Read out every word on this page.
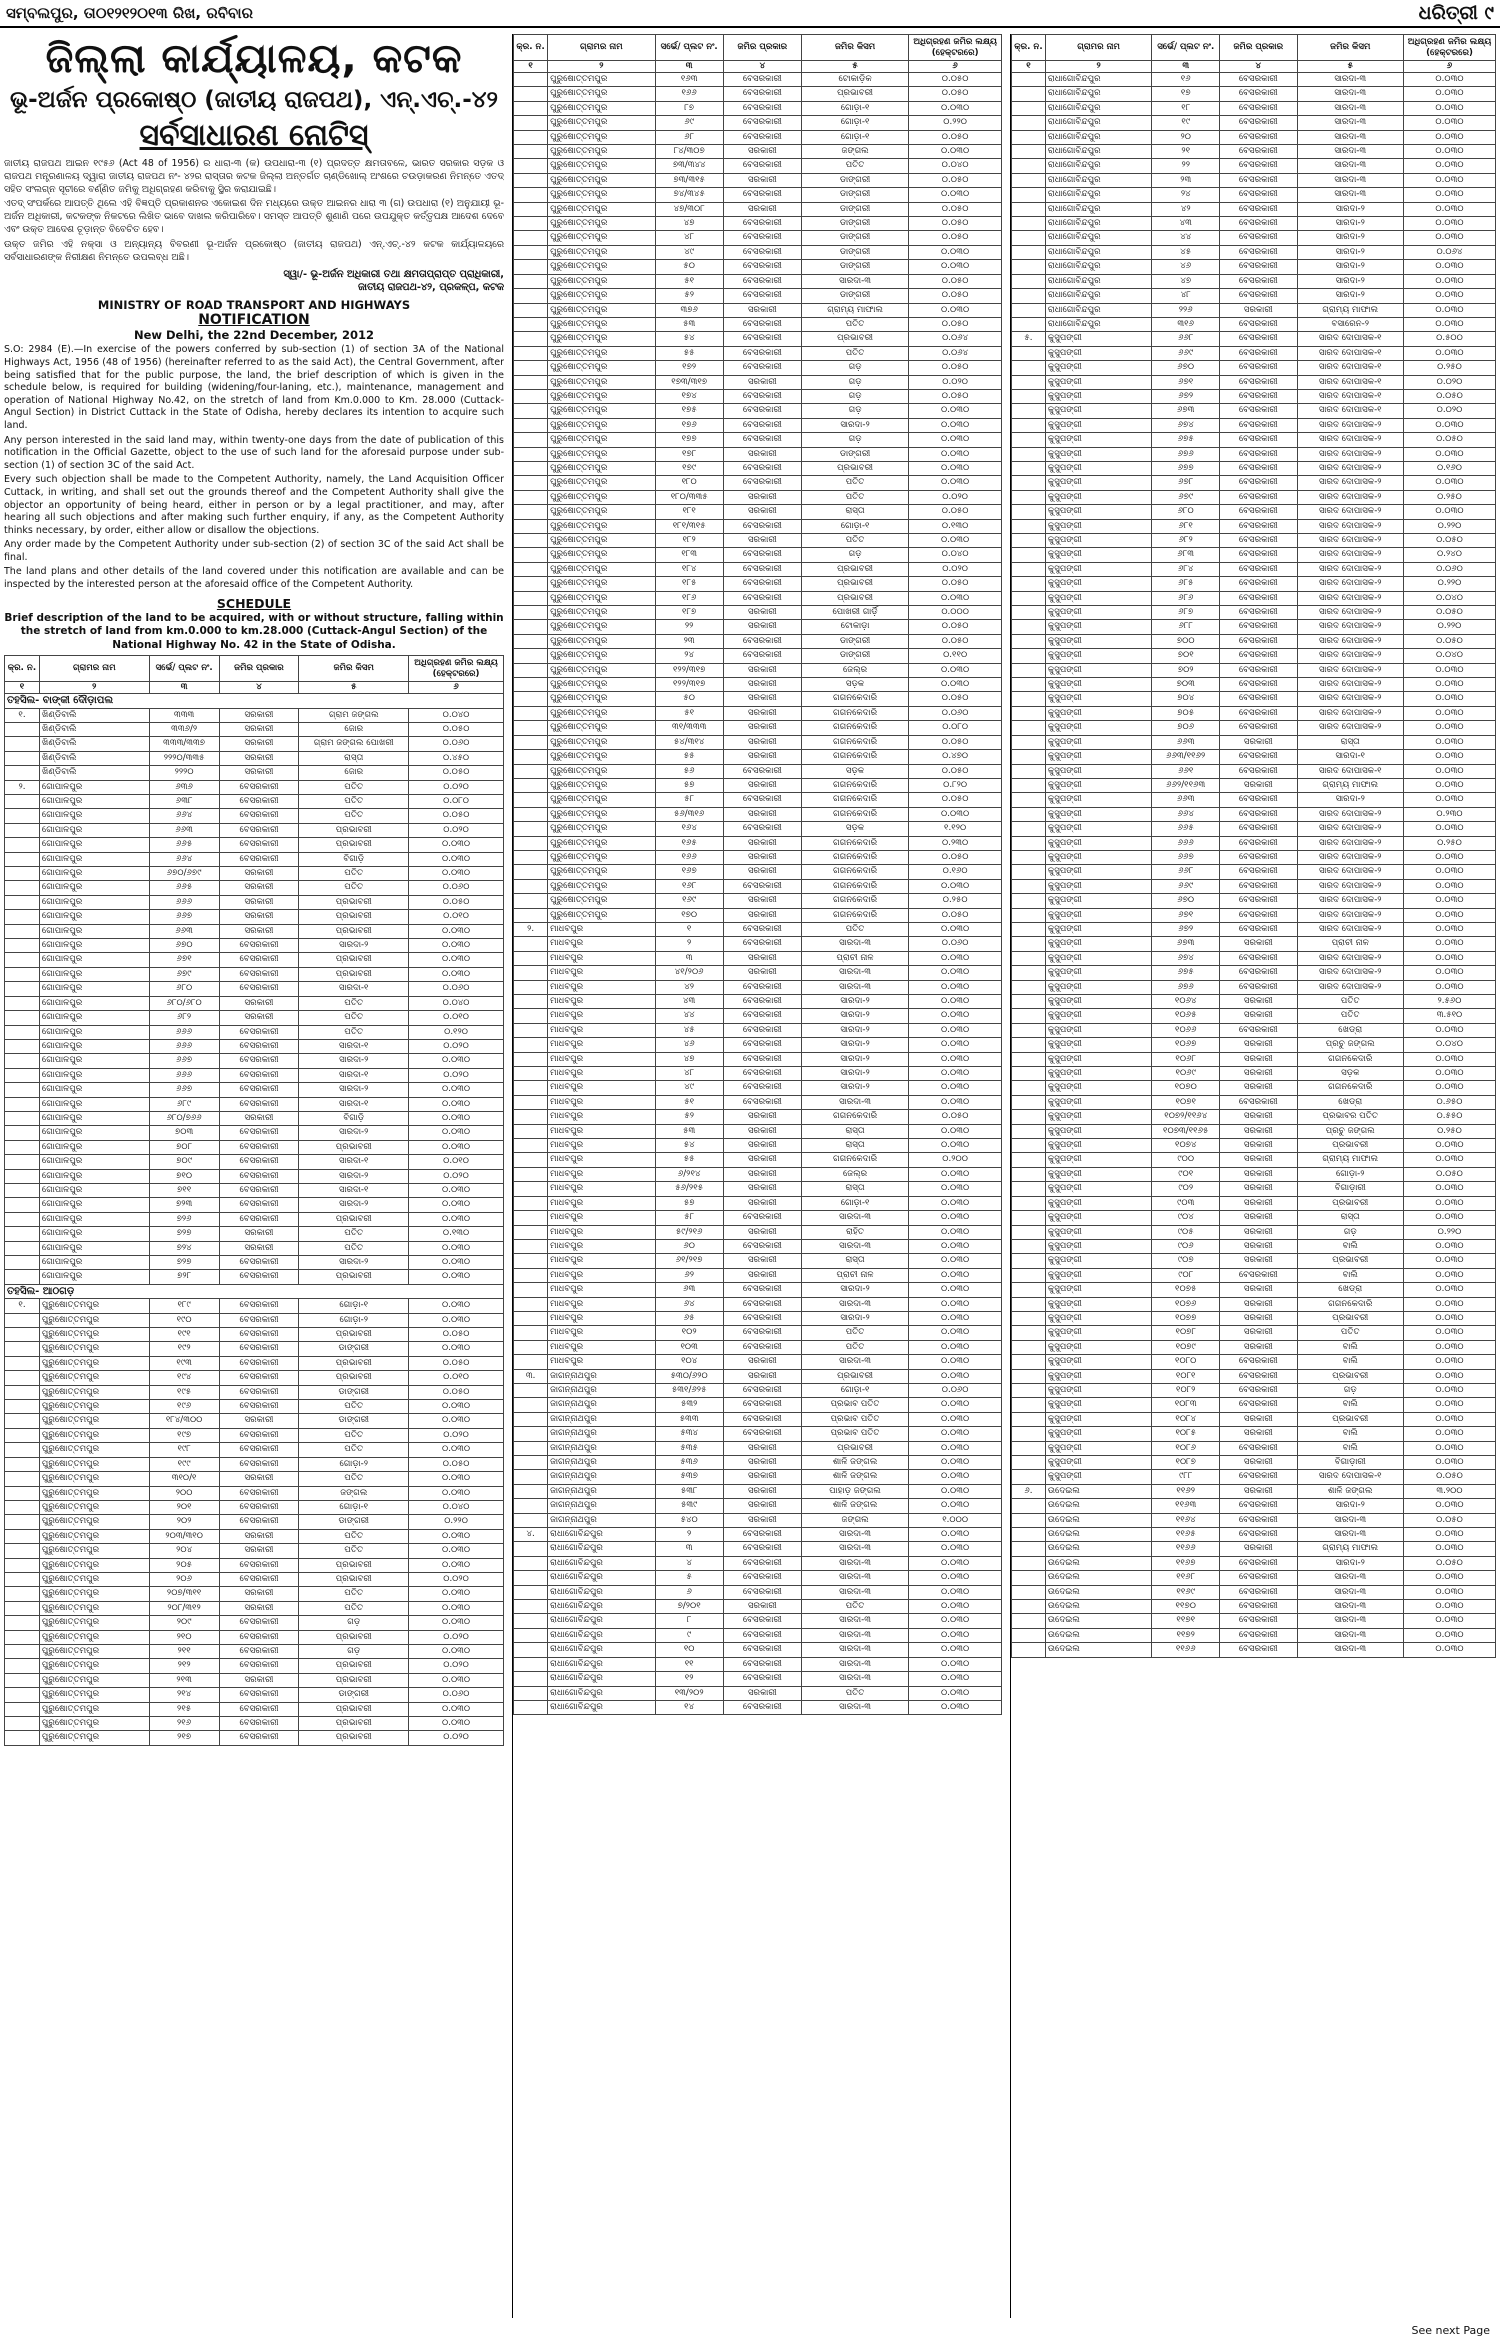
ସମ୍ବଲପୁର, ତା୦୧୨୧୨୦୧୩ ରିଖ, ରବିବାର	ଧରିତ୍ରୀ ୯
ଜିଲ୍ଲା କାର୍ଯ୍ୟାଳୟ, କଟକ
ଭୂ-ଅର୍ଜନ ପ୍ରକୋଷ୍ଠ (ଜାତୀୟ ରାଜପଥ), ଏନ୍.ଏଚ୍.-୪୨
ସର୍ବସାଧାରଣ ନୋଟିସ୍

ଜାତୀୟ ରାଜପଥ ଆଇନ ୧୯୫୬ (Act 48 of 1956) ର ଧାରା-୩ (କ) ଉପଧାରା-୩ (୧) ପ୍ରଦତ୍ତ କ୍ଷମତାବଳେ, ଭାରତ ସରକାର ସଡ଼କ ଓ ରାଜପଥ ମନ୍ତ୍ରଣାଳୟ ଦ୍ୱାରା ଜାତୀୟ ରାଜପଥ ନଂ- ୪୨ର ରାସ୍ତାର କଟକ ଜିଲ୍ଲା ଅନ୍ତର୍ଗତ ଚାଣ୍ଡିଖୋଲ୍ ଅଂଶରେ ଚଉଡ଼ାକରଣ ନିମନ୍ତେ ଏତଦ୍ ସହିତ ସଂଲଗ୍ନ ସୂଚୀରେ ବର୍ଣ୍ଣିତ ଜମିକୁ ଅଧିଗ୍ରହଣ କରିବାକୁ ସ୍ଥିର କରାଯାଇଛି।

ଏତଦ୍ ସଂପର୍କରେ ଆପତ୍ତି ଥିଲେ ଏହି ବିଜ୍ଞପ୍ତି ପ୍ରକାଶନର ଏକୋଇଶ ଦିନ ମଧ୍ୟରେ ଉକ୍ତ ଆଇନର ଧାରା ୩ (ଗ) ଉପଧାରା (୧) ଅନୁଯାୟୀ ଭୂ-ଅର୍ଜନ ଅଧିକାରୀ, କଟକଙ୍କ ନିକଟରେ ଲିଖିତ ଭାବେ ଦାଖଲ କରିପାରିବେ। ସମସ୍ତ ଆପତ୍ତି ଶୁଣାଣି ପରେ ଉପଯୁକ୍ତ କର୍ତ୍ତୃପକ୍ଷ ଆଦେଶ ଦେବେ ଏବଂ ଉକ୍ତ ଆଦେଶ ଚୂଡ଼ାନ୍ତ ବିବେଚିତ ହେବ।

ଉକ୍ତ ଜମିର ଏହି ନକ୍ସା ଓ ଅନ୍ୟାନ୍ୟ ବିବରଣୀ ଭୂ-ଅର୍ଜନ ପ୍ରକୋଷ୍ଠ (ଜାତୀୟ ରାଜପଥ) ଏନ୍.ଏଚ୍.-୪୨ କଟକ କାର୍ଯ୍ୟାଳୟରେ ସର୍ବସାଧାରଣଙ୍କ ନିରୀକ୍ଷଣ ନିମନ୍ତେ ଉପଲବ୍ଧ ଅଛି।

ସ୍ୱା/- ଭୂ-ଅର୍ଜନ ଅଧିକାରୀ ତଥା କ୍ଷମତାପ୍ରାପ୍ତ ପ୍ରାଧିକାରୀ,
ଜାତୀୟ ରାଜପଥ-୪୨, ପ୍ରକଳ୍ପ, କଟକ
MINISTRY OF ROAD TRANSPORT AND HIGHWAYS
NOTIFICATION
New Delhi, the 22nd December, 2012

S.O: 2984 (E).—In exercise of the powers conferred by sub-section (1) of section 3A of the National Highways Act, 1956 (48 of 1956) (hereinafter referred to as the said Act), the Central Government, after being satisfied that for the public purpose, the land, the brief description of which is given in the schedule below, is required for building (widening/four-laning, etc.), maintenance, management and operation of National Highway No.42, on the stretch of land from Km.0.000 to Km. 28.000 (Cuttack-Angul Section) in District Cuttack in the State of Odisha, hereby declares its intention to acquire such land.

Any person interested in the said land may, within twenty-one days from the date of publication of this notification in the Official Gazette, object to the use of such land for the aforesaid purpose under sub-section (1) of section 3C of the said Act.

Every such objection shall be made to the Competent Authority, namely, the Land Acquisition Officer Cuttack, in writing, and shall set out the grounds thereof and the Competent Authority shall give the objector an opportunity of being heard, either in person or by a legal practitioner, and may, after hearing all such objections and after making such further enquiry, if any, as the Competent Authority thinks necessary, by order, either allow or disallow the objections.

Any order made by the Competent Authority under sub-section (2) of section 3C of the said Act shall be final.

The land plans and other details of the land covered under this notification are available and can be inspected by the interested person at the aforesaid office of the Competent Authority.

SCHEDULE
Brief description of the land to be acquired, with or without structure, falling within the stretch of land from km.0.000 to km.28.000 (Cuttack-Angul Section) of the National Highway No. 42 in the State of Odisha.
କ୍ର. ନ.	ଗ୍ରାମର ନାମ	ସର୍ଭେ/ ପ୍ଲଟ ନଂ.	ଜମିର ପ୍ରକାର	ଜମିର କିସମ	ଅଧିଗ୍ରହଣ ଜମିର ଲକ୍ଷ୍ୟ (ହେକ୍ଟରରେ)
୧	୨	୩	୪	୫	୬
ତହସିଲ- ବାଙ୍କୀ ଦୌଡ଼ାପଲ					
୧.	ଖିଣ୍ଡିବାଲି	୩୩୩	ସରକାରୀ	ଗ୍ରାମ ଜଙ୍ଗଲ	୦.୦୪୦
	ଖିଣ୍ଡିବାଲି	୩୩୬/୨	ସରକାରୀ	ଜୋର	୦.୦୫୦
	ଖିଣ୍ଡିବାଲି	୩୩୩/୩୩୭	ସରକାରୀ	ଗ୍ରାମ ଜଙ୍ଗଲ ପୋଖରୀ	୦.୦୬୦
	ଖିଣ୍ଡିବାଲି	୨୨୨୦/୩୩୫	ସରକାରୀ	ରାସ୍ତା	୦.୪୫୦
	ଖିଣ୍ଡିବାଲି	୨୨୨୦	ସରକାରୀ	ଜୋର	୦.୦୫୦
୨.	ଗୋପାଳପୁର	୬୩୬	ବେସରକାରୀ	ପତିତ	୦.୦୨୦
	ଗୋପାଳପୁର	୬୩୮	ବେସରକାରୀ	ପତିତ	୦.୦୮୦
	ଗୋପାଳପୁର	୬୬୪	ବେସରକାରୀ	ପତିତ	୦.୦୫୦
	ଗୋପାଳପୁର	୬୬୩	ବେସରକାରୀ	ପ୍ରଭାବରୀ	୦.୦୨୦
	ଗୋପାଳପୁର	୬୬୫	ବେସରକାରୀ	ପ୍ରଭାବରୀ	୦.୦୩୦
	ଗୋପାଳପୁର	୬୬୪	ବେସରକାରୀ	ବିଗାଡ଼ି	୦.୦୩୦
	ଗୋପାଳପୁର	୬୭୦/୬୭୯	ସରକାରୀ	ପତିତ	୦.୦୩୦
	ଗୋପାଳପୁର	୬୬୫	ସରକାରୀ	ପତିତ	୦.୦୬୦
	ଗୋପାଳପୁର	୬୬୬	ସରକାରୀ	ପ୍ରଭାବରୀ	୦.୦୫୦
	ଗୋପାଳପୁର	୬୬୭	ସରକାରୀ	ପ୍ରଭାବରୀ	୦.୦୧୦
	ଗୋପାଳପୁର	୬୬୩	ସରକାରୀ	ପ୍ରଭାବରୀ	୦.୦୩୦
	ଗୋପାଳପୁର	୬୭୦	ବେସରକାରୀ	ସାରଦା-୨	୦.୦୩୦
	ଗୋପାଳପୁର	୬୭୧	ବେସରକାରୀ	ପ୍ରଭାବରୀ	୦.୦୩୦
	ଗୋପାଳପୁର	୬୭୯	ବେସରକାରୀ	ପ୍ରଭାବରୀ	୦.୦୩୦
	ଗୋପାଳପୁର	୬୮୦	ବେସରକାରୀ	ସାରଦା-୧	୦.୦୬୦
	ଗୋପାଳପୁର	୬୮୦/୬୮୦	ସରକାରୀ	ପତିତ	୦.୦୪୦
	ଗୋପାଳପୁର	୬୮୨	ସରକାରୀ	ପତିତ	୦.୦୧୦
	ଗୋପାଳପୁର	୬୬୬	ବେସରକାରୀ	ପତିତ	୦.୧୨୦
	ଗୋପାଳପୁର	୬୬୬	ବେସରକାରୀ	ସାରଦା-୧	୦.୦୨୦
	ଗୋପାଳପୁର	୬୬୭	ବେସରକାରୀ	ସାରଦା-୨	୦.୦୩୦
	ଗୋପାଳପୁର	୬୬୬	ବେସରକାରୀ	ସାରଦା-୧	୦.୦୨୦
	ଗୋପାଳପୁର	୬୬୭	ବେସରକାରୀ	ସାରଦା-୨	୦.୦୩୦
	ଗୋପାଳପୁର	୬୮୯	ବେସରକାରୀ	ସାରଦା-୧	୦.୦୩୦
	ଗୋପାଳପୁର	୬୮୦/୭୬୬	ସରକାରୀ	ବିଗାଡ଼ି	୦.୦୩୦
	ଗୋପାଳପୁର	୭୦୩	ବେସରକାରୀ	ସାରଦା-୨	୦.୦୩୦
	ଗୋପାଳପୁର	୭୦୮	ବେସରକାରୀ	ପ୍ରଭାବରୀ	୦.୦୩୦
	ଗୋପାଳପୁର	୭୦୯	ବେସରକାରୀ	ସାରଦା-୧	୦.୦୧୦
	ଗୋପାଳପୁର	୭୧୦	ବେସରକାରୀ	ସାରଦା-୨	୦.୦୨୦
	ଗୋପାଳପୁର	୭୧୧	ବେସରକାରୀ	ସାରଦା-୧	୦.୦୩୦
	ଗୋପାଳପୁର	୭୨୩	ବେସରକାରୀ	ସାରଦା-୨	୦.୦୩୦
	ଗୋପାଳପୁର	୭୨୬	ବେସରକାରୀ	ପ୍ରଭାବରୀ	୦.୦୩୦
	ଗୋପାଳପୁର	୭୨୭	ସରକାରୀ	ପତିତ	୦.୧୩୦
	ଗୋପାଳପୁର	୭୨୪	ସରକାରୀ	ପତିତ	୦.୦୩୦
	ଗୋପାଳପୁର	୭୨୭	ବେସରକାରୀ	ସାରଦା-୨	୦.୦୩୦
	ଗୋପାଳପୁର	୭୨୮	ବେସରକାରୀ	ପ୍ରଭାବରୀ	୦.୦୩୦
ତହସିଲ- ଆଠଗଡ଼					
୧.	ପୁରୁଷୋତ୍ତମପୁର	୧୮୯	ବେସରକାରୀ	ଗୋଡ଼ା-୧	୦.୦୩୦
	ପୁରୁଷୋତ୍ତମପୁର	୧୯୦	ବେସରକାରୀ	ଗୋଡ଼ା-୨	୦.୦୩୦
	ପୁରୁଷୋତ୍ତମପୁର	୧୯୧	ବେସରକାରୀ	ପ୍ରଭାବରୀ	୦.୦୫୦
	ପୁରୁଷୋତ୍ତମପୁର	୧୯୨	ବେସରକାରୀ	ଡାଙ୍ଗରୀ	୦.୦୩୦
	ପୁରୁଷୋତ୍ତମପୁର	୧୯୩	ବେସରକାରୀ	ପ୍ରଭାବରୀ	୦.୦୫୦
	ପୁରୁଷୋତ୍ତମପୁର	୧୯୪	ବେସରକାରୀ	ପ୍ରଭାବରୀ	୦.୦୧୦
	ପୁରୁଷୋତ୍ତମପୁର	୧୯୫	ବେସରକାରୀ	ଡାଙ୍ଗରୀ	୦.୦୫୦
	ପୁରୁଷୋତ୍ତମପୁର	୧୯୬	ବେସରକାରୀ	ପତିତ	୦.୦୩୦
	ପୁରୁଷୋତ୍ତମପୁର	୧୮୪/୩୦୦	ସରକାରୀ	ଡାଙ୍ଗରୀ	୦.୦୩୦
	ପୁରୁଷୋତ୍ତମପୁର	୧୯୭	ବେସରକାରୀ	ପତିତ	୦.୦୨୦
	ପୁରୁଷୋତ୍ତମପୁର	୧୯୮	ବେସରକାରୀ	ପତିତ	୦.୦୩୦
	ପୁରୁଷୋତ୍ତମପୁର	୧୯୯	ବେସରକାରୀ	ଗୋଡ଼ା-୨	୦.୦୫୦
	ପୁରୁଷୋତ୍ତମପୁର	୩୧୦/୧	ସରକାରୀ	ପତିତ	୦.୦୩୦
	ପୁରୁଷୋତ୍ତମପୁର	୨୦୦	ବେସରକାରୀ	ଜଙ୍ଗଲ	୦.୦୩୦
	ପୁରୁଷୋତ୍ତମପୁର	୨୦୧	ବେସରକାରୀ	ଗୋଡ଼ା-୧	୦.୦୪୦
	ପୁରୁଷୋତ୍ତମପୁର	୨୦୨	ବେସରକାରୀ	ଡାଙ୍ଗରୀ	୦.୨୨୦
	ପୁରୁଷୋତ୍ତମପୁର	୨୦୩/୩୧୦	ସରକାରୀ	ପତିତ	୦.୦୩୦
	ପୁରୁଷୋତ୍ତମପୁର	୨୦୪	ସରକାରୀ	ପତିତ	୦.୦୩୦
	ପୁରୁଷୋତ୍ତମପୁର	୨୦୫	ବେସରକାରୀ	ପ୍ରଭାବରୀ	୦.୦୩୦
	ପୁରୁଷୋତ୍ତମପୁର	୨୦୬	ବେସରକାରୀ	ପ୍ରଭାବରୀ	୦.୦୨୦
	ପୁରୁଷୋତ୍ତମପୁର	୨୦୭/୩୧୧	ସରକାରୀ	ପତିତ	୦.୦୩୦
	ପୁରୁଷୋତ୍ତମପୁର	୨୦୮/୩୧୨	ସରକାରୀ	ପତିତ	୦.୦୩୦
	ପୁରୁଷୋତ୍ତମପୁର	୨୦୯	ବେସରକାରୀ	ଗଡ଼	୦.୦୩୦
	ପୁରୁଷୋତ୍ତମପୁର	୨୧୦	ବେସରକାରୀ	ପ୍ରଭାବରୀ	୦.୦୨୦
	ପୁରୁଷୋତ୍ତମପୁର	୨୧୧	ବେସରକାରୀ	ଗଡ଼	୦.୦୩୦
	ପୁରୁଷୋତ୍ତମପୁର	୨୧୨	ବେସରକାରୀ	ପ୍ରଭାବରୀ	୦.୦୨୦
	ପୁରୁଷୋତ୍ତମପୁର	୨୧୩	ସରକାରୀ	ପ୍ରଭାବରୀ	୦.୦୩୦
	ପୁରୁଷୋତ୍ତମପୁର	୨୧୪	ବେସରକାରୀ	ଡାଙ୍ଗରୀ	୦.୦୬୦
	ପୁରୁଷୋତ୍ତମପୁର	୨୧୫	ବେସରକାରୀ	ପ୍ରଭାବରୀ	୦.୦୩୦
	ପୁରୁଷୋତ୍ତମପୁର	୨୧୬	ବେସରକାରୀ	ପ୍ରଭାବରୀ	୦.୦୩୦
	ପୁରୁଷୋତ୍ତମପୁର	୨୧୭	ବେସରକାରୀ	ପ୍ରଭାବରୀ	୦.୦୨୦
କ୍ର. ନ.	ଗ୍ରାମର ନାମ	ସର୍ଭେ/ ପ୍ଲଟ ନଂ.	ଜମିର ପ୍ରକାର	ଜମିର କିସମ	ଅଧିଗ୍ରହଣ ଜମିର ଲକ୍ଷ୍ୟ (ହେକ୍ଟରରେ)
୧	୨	୩	୪	୫	୬
	ପୁରୁଷୋତ୍ତମପୁର	୧୬୩	ବେସରକାରୀ	ଟୋକାଡ଼ିକ	୦.୦୫୦
	ପୁରୁଷୋତ୍ତମପୁର	୧୬୬	ବେସରକାରୀ	ପ୍ରଭାବରୀ	୦.୦୫୦
	ପୁରୁଷୋତ୍ତମପୁର	୮୭	ବେସରକାରୀ	ଗୋଡ଼ା-୧	୦.୦୩୦
	ପୁରୁଷୋତ୍ତମପୁର	୬୯	ବେସରକାରୀ	ଗୋଡ଼ା-୧	୦.୨୨୦
	ପୁରୁଷୋତ୍ତମପୁର	୬୮	ବେସରକାରୀ	ଗୋଡ଼ା-୧	୦.୦୫୦
	ପୁରୁଷୋତ୍ତମପୁର	୮୪/୩୦୭	ସରକାରୀ	ଜଙ୍ଗଲ	୦.୦୩୦
	ପୁରୁଷୋତ୍ତମପୁର	୭୩/୩୪୪	ବେସରକାରୀ	ପତିତ	୦.୦୪୦
	ପୁରୁଷୋତ୍ତମପୁର	୭୩/୩୧୫	ସରକାରୀ	ଡାଙ୍ଗରୀ	୦.୦୫୦
	ପୁରୁଷୋତ୍ତମପୁର	୭୪/୩୪୫	ବେସରକାରୀ	ଡାଙ୍ଗରୀ	୦.୦୩୦
	ପୁରୁଷୋତ୍ତମପୁର	୪୭/୩୦୮	ସରକାରୀ	ଡାଙ୍ଗରୀ	୦.୦୫୦
	ପୁରୁଷୋତ୍ତମପୁର	୪୭	ବେସରକାରୀ	ଡାଙ୍ଗରୀ	୦.୦୫୦
	ପୁରୁଷୋତ୍ତମପୁର	୪୮	ବେସରକାରୀ	ଡାଙ୍ଗରୀ	୦.୦୫୦
	ପୁରୁଷୋତ୍ତମପୁର	୪୯	ବେସରକାରୀ	ଡାଙ୍ଗରୀ	୦.୦୩୦
	ପୁରୁଷୋତ୍ତମପୁର	୫୦	ବେସରକାରୀ	ଡାଙ୍ଗରୀ	୦.୦୩୦
	ପୁରୁଷୋତ୍ତମପୁର	୫୧	ବେସରକାରୀ	ସାରଦା-୩	୦.୦୫୦
	ପୁରୁଷୋତ୍ତମପୁର	୫୨	ବେସରକାରୀ	ଡାଙ୍ଗରୀ	୦.୦୫୦
	ପୁରୁଷୋତ୍ତମପୁର	୩୭୬	ସରକାରୀ	ଗ୍ରାମ୍ୟ ମାଫାଲ	୦.୦୩୦
	ପୁରୁଷୋତ୍ତମପୁର	୫୩	ବେସରକାରୀ	ପତିତ	୦.୦୫୦
	ପୁରୁଷୋତ୍ତମପୁର	୫୪	ବେସରକାରୀ	ପ୍ରଭାବରୀ	୦.୦୬୪
	ପୁରୁଷୋତ୍ତମପୁର	୫୫	ବେସରକାରୀ	ପତିତ	୦.୦୬୪
	ପୁରୁଷୋତ୍ତମପୁର	୧୭୨	ବେସରକାରୀ	ଗଡ଼	୦.୦୫୦
	ପୁରୁଷୋତ୍ତମପୁର	୧୭୩/୩୧୭	ସରକାରୀ	ଗଡ଼	୦.୦୨୦
	ପୁରୁଷୋତ୍ତମପୁର	୧୭୪	ବେସରକାରୀ	ଗଡ଼	୦.୦୫୦
	ପୁରୁଷୋତ୍ତମପୁର	୧୭୫	ବେସରକାରୀ	ଗଡ଼	୦.୦୩୦
	ପୁରୁଷୋତ୍ତମପୁର	୧୭୬	ବେସରକାରୀ	ସାରଦା-୨	୦.୦୩୦
	ପୁରୁଷୋତ୍ତମପୁର	୧୭୭	ବେସରକାରୀ	ଗଡ଼	୦.୦୩୦
	ପୁରୁଷୋତ୍ତମପୁର	୧୭୮	ସରକାରୀ	ଡାଙ୍ଗରୀ	୦.୦୩୦
	ପୁରୁଷୋତ୍ତମପୁର	୧୭୯	ବେସରକାରୀ	ପ୍ରଭାବରୀ	୦.୦୩୦
	ପୁରୁଷୋତ୍ତମପୁର	୧୮୦	ବେସରକାରୀ	ପତିତ	୦.୦୩୦
	ପୁରୁଷୋତ୍ତମପୁର	୧୮୦/୩୩୫	ସରକାରୀ	ପତିତ	୦.୦୨୦
	ପୁରୁଷୋତ୍ତମପୁର	୧୮୧	ସରକାରୀ	ରାସ୍ତା	୦.୦୫୦
	ପୁରୁଷୋତ୍ତମପୁର	୧୮୧/୩୧୫	ବେସରକାରୀ	ଗୋଡ଼ା-୧	୦.୧୩୦
	ପୁରୁଷୋତ୍ତମପୁର	୧୮୨	ସରକାରୀ	ପତିତ	୦.୦୩୦
	ପୁରୁଷୋତ୍ତମପୁର	୧୮୩	ବେସରକାରୀ	ଗଡ଼	୦.୦୪୦
	ପୁରୁଷୋତ୍ତମପୁର	୧୮୪	ବେସରକାରୀ	ପ୍ରଭାବରୀ	୦.୦୨୦
	ପୁରୁଷୋତ୍ତମପୁର	୧୮୫	ବେସରକାରୀ	ପ୍ରଭାବରୀ	୦.୦୫୦
	ପୁରୁଷୋତ୍ତମପୁର	୧୮୬	ବେସରକାରୀ	ପ୍ରଭାବରୀ	୦.୦୩୦
	ପୁରୁଷୋତ୍ତମପୁର	୧୮୭	ସରକାରୀ	ପୋଖରୀ ଗାର୍ଡ଼ି	୦.୦୦୦
	ପୁରୁଷୋତ୍ତମପୁର	୨୨	ସରକାରୀ	ଟୋକାଡ଼ା	୦.୦୫୦
	ପୁରୁଷୋତ୍ତମପୁର	୨୩	ବେସରକାରୀ	ଡାଙ୍ଗରୀ	୦.୦୫୦
	ପୁରୁଷୋତ୍ତମପୁର	୨୪	ବେସରକାରୀ	ଡାଙ୍ଗରୀ	୦.୧୧୦
	ପୁରୁଷୋତ୍ତମପୁର	୧୨୨/୩୧୭	ସରକାରୀ	ଜେଲ୍ର	୦.୦୩୦
	ପୁରୁଷୋତ୍ତମପୁର	୧୨୨/୩୧୭	ସରକାରୀ	ସଡ଼କ	୦.୦୩୦
	ପୁରୁଷୋତ୍ତମପୁର	୫୦	ସରକାରୀ	ଗଗନକେଦାରି	୦.୦୫୦
	ପୁରୁଷୋତ୍ତମପୁର	୫୧	ସରକାରୀ	ଗଗନକେଦାରି	୦.୦୬୦
	ପୁରୁଷୋତ୍ତମପୁର	୩୧/୩୩୩	ସରକାରୀ	ଗଗନକେଦାରି	୦.୦୮୦
	ପୁରୁଷୋତ୍ତମପୁର	୫୪/୩୧୪	ସରକାରୀ	ଗଗନକେଦାରି	୦.୦୫୦
	ପୁରୁଷୋତ୍ତମପୁର	୫୫	ସରକାରୀ	ଗଗନକେଦାରି	୦.୪୭୦
	ପୁରୁଷୋତ୍ତମପୁର	୫୬	ବେସରକାରୀ	ସଡ଼କ	୦.୦୫୦
	ପୁରୁଷୋତ୍ତମପୁର	୫୭	ସରକାରୀ	ଗଗନକେଦାରି	୦.୮୨୦
	ପୁରୁଷୋତ୍ତମପୁର	୫୮	ବେସରକାରୀ	ଗଗନକେଦାରି	୦.୦୫୦
	ପୁରୁଷୋତ୍ତମପୁର	୫୬/୩୧୬	ସରକାରୀ	ଗଗନକେଦାରି	୦.୦୩୦
	ପୁରୁଷୋତ୍ତମପୁର	୧୬୪	ବେସରକାରୀ	ସଡ଼କ	୧.୧୨୦
	ପୁରୁଷୋତ୍ତମପୁର	୧୬୫	ସରକାରୀ	ଗଗନକେଦାରି	୦.୨୩୦
	ପୁରୁଷୋତ୍ତମପୁର	୧୬୬	ସରକାରୀ	ଗଗନକେଦାରି	୦.୦୫୦
	ପୁରୁଷୋତ୍ତମପୁର	୧୬୭	ସରକାରୀ	ଗଗନକେଦାରି	୦.୧୬୦
	ପୁରୁଷୋତ୍ତମପୁର	୧୬୮	ବେସରକାରୀ	ଗଗନକେଦାରି	୦.୦୩୦
	ପୁରୁଷୋତ୍ତମପୁର	୧୬୯	ସରକାରୀ	ଗଗନକେଦାରି	୦.୨୫୦
	ପୁରୁଷୋତ୍ତମପୁର	୧୭୦	ସରକାରୀ	ଗଗନକେଦାରି	୦.୦୫୦
୨.	ମାଧବପୁର	୧	ବେସରକାରୀ	ପତିତ	୦.୦୩୦
	ମାଧବପୁର	୨	ବେସରକାରୀ	ସାରଦା-୩	୦.୦୬୦
	ମାଧବପୁର	୩	ସରକାରୀ	ପ୍ରାଚୀ ନାଳ	୦.୦୩୦
	ମାଧବପୁର	୪୧/୨୦୬	ସରକାରୀ	ସାରଦା-୩	୦.୦୩୦
	ମାଧବପୁର	୪୨	ବେସରକାରୀ	ସାରଦା-୩	୦.୦୩୦
	ମାଧବପୁର	୪୩	ବେସରକାରୀ	ସାରଦା-୨	୦.୦୩୦
	ମାଧବପୁର	୪୪	ବେସରକାରୀ	ସାରଦା-୨	୦.୦୩୦
	ମାଧବପୁର	୪୫	ବେସରକାରୀ	ସାରଦା-୨	୦.୦୩୦
	ମାଧବପୁର	୪୬	ବେସରକାରୀ	ସାରଦା-୨	୦.୦୩୦
	ମାଧବପୁର	୪୭	ବେସରକାରୀ	ସାରଦା-୨	୦.୦୩୦
	ମାଧବପୁର	୪୮	ବେସରକାରୀ	ସାରଦା-୨	୦.୦୩୦
	ମାଧବପୁର	୪୯	ବେସରକାରୀ	ସାରଦା-୨	୦.୦୩୦
	ମାଧବପୁର	୫୧	ବେସରକାରୀ	ସାରଦା-୩	୦.୦୩୦
	ମାଧବପୁର	୫୨	ସରକାରୀ	ଗଗନକେଦାରି	୦.୦୫୦
	ମାଧବପୁର	୫୩	ସରକାରୀ	ରାସ୍ତା	୦.୦୩୦
	ମାଧବପୁର	୫୪	ସରକାରୀ	ରାସ୍ତା	୦.୦୩୦
	ମାଧବପୁର	୫୫	ସରକାରୀ	ଗଗନକେଦାରି	୦.୨୦୦
	ମାଧବପୁର	୬/୨୧୪	ସରକାରୀ	ଜେଲ୍ର	୦.୦୩୦
	ମାଧବପୁର	୫୬/୨୧୫	ସରକାରୀ	ରାସ୍ତା	୦.୦୩୦
	ମାଧବପୁର	୫୭	ସରକାରୀ	ଗୋଡ଼ା-୧	୦.୦୩୦
	ମାଧବପୁର	୫୮	ବେସରକାରୀ	ସାରଦା-୩	୦.୦୩୦
	ମାଧବପୁର	୫୯/୨୧୬	ସରକାରୀ	ରାହିତ	୦.୦୩୦
	ମାଧବପୁର	୬୦	ବେସରକାରୀ	ସାରଦା-୩	୦.୦୩୦
	ମାଧବପୁର	୬୧/୨୧୭	ସରକାରୀ	ରାସ୍ତା	୦.୦୩୦
	ମାଧବପୁର	୬୨	ସରକାରୀ	ପ୍ରାଚୀ ନାଳ	୦.୦୩୦
	ମାଧବପୁର	୬୩	ବେସରକାରୀ	ସାରଦା-୨	୦.୦୩୦
	ମାଧବପୁର	୬୪	ବେସରକାରୀ	ସାରଦା-୩	୦.୦୩୦
	ମାଧବପୁର	୬୫	ବେସରକାରୀ	ସାରଦା-୨	୦.୦୩୦
	ମାଧବପୁର	୧୦୨	ବେସରକାରୀ	ପତିତ	୦.୦୩୦
	ମାଧବପୁର	୧୦୩	ବେସରକାରୀ	ପତିତ	୦.୦୩୦
	ମାଧବପୁର	୧୦୪	ସରକାରୀ	ସାରଦା-୩	୦.୦୩୦
୩.	ଜାଗନ୍ନାଥପୁର	୫୩୦/୬୨୦	ସରକାରୀ	ପ୍ରଭାବରୀ	୦.୦୩୦
	ଜାଗନ୍ନାଥପୁର	୫୩୧/୬୨୫	ବେସରକାରୀ	ଗୋଡ଼ା-୧	୦.୦୬୦
	ଜାଗନ୍ନାଥପୁର	୫୩୨	ବେସରକାରୀ	ପ୍ରଭାବ ପତିତ	୦.୦୩୦
	ଜାଗନ୍ନାଥପୁର	୫୩୩	ବେସରକାରୀ	ପ୍ରଭାବ ପତିତ	୦.୦୩୦
	ଜାଗନ୍ନାଥପୁର	୫୩୪	ବେସରକାରୀ	ପ୍ରଭାବ ପତିତ	୦.୦୩୦
	ଜାଗନ୍ନାଥପୁର	୫୩୫	ସରକାରୀ	ପ୍ରଭାବରୀ	୦.୦୩୦
	ଜାଗନ୍ନାଥପୁର	୫୩୬	ସରକାରୀ	ଶାଳି ଜଙ୍ଗଲ	୦.୦୩୦
	ଜାଗନ୍ନାଥପୁର	୫୩୭	ସରକାରୀ	ଶାଳି ଜଙ୍ଗଲ	୦.୦୩୦
	ଜାଗନ୍ନାଥପୁର	୫୩୮	ସରକାରୀ	ପାହାଡ଼ ଜଙ୍ଗଲ	୦.୦୩୦
	ଜାଗନ୍ନାଥପୁର	୫୩୯	ସରକାରୀ	ଶାଳି ଜଙ୍ଗଲ	୦.୦୩୦
	ଜାଗନ୍ନାଥପୁର	୫୪୦	ସରକାରୀ	ଜଙ୍ଗଲ	୧.୦୦୦
୪.	ରାଧାଗୋବିନ୍ଦପୁର	୨	ବେସରକାରୀ	ସାରଦା-୩	୦.୦୩୦
	ରାଧାଗୋବିନ୍ଦପୁର	୩	ବେସରକାରୀ	ସାରଦା-୩	୦.୦୩୦
	ରାଧାଗୋବିନ୍ଦପୁର	୪	ବେସରକାରୀ	ସାରଦା-୩	୦.୦୩୦
	ରାଧାଗୋବିନ୍ଦପୁର	୫	ବେସରକାରୀ	ସାରଦା-୩	୦.୦୩୦
	ରାଧାଗୋବିନ୍ଦପୁର	୬	ବେସରକାରୀ	ସାରଦା-୩	୦.୦୩୦
	ରାଧାଗୋବିନ୍ଦପୁର	୭/୨୦୧	ସରକାରୀ	ପତିତ	୦.୦୩୦
	ରାଧାଗୋବିନ୍ଦପୁର	୮	ବେସରକାରୀ	ସାରଦା-୩	୦.୦୩୦
	ରାଧାଗୋବିନ୍ଦପୁର	୯	ବେସରକାରୀ	ସାରଦା-୩	୦.୦୩୦
	ରାଧାଗୋବିନ୍ଦପୁର	୧୦	ବେସରକାରୀ	ସାରଦା-୩	୦.୦୩୦
	ରାଧାଗୋବିନ୍ଦପୁର	୧୧	ବେସରକାରୀ	ସାରଦା-୩	୦.୦୩୦
	ରାଧାଗୋବିନ୍ଦପୁର	୧୨	ବେସରକାରୀ	ସାରଦା-୩	୦.୦୩୦
	ରାଧାଗୋବିନ୍ଦପୁର	୧୩/୨୦୨	ସରକାରୀ	ପତିତ	୦.୦୩୦
	ରାଧାଗୋବିନ୍ଦପୁର	୧୪	ବେସରକାରୀ	ସାରଦା-୩	୦.୦୩୦
କ୍ର. ନ.	ଗ୍ରାମର ନାମ	ସର୍ଭେ/ ପ୍ଲଟ ନଂ.	ଜମିର ପ୍ରକାର	ଜମିର କିସମ	ଅଧିଗ୍ରହଣ ଜମିର ଲକ୍ଷ୍ୟ (ହେକ୍ଟରରେ)
୧	୨	୩	୪	୫	୬
	ରାଧାଗୋବିନ୍ଦପୁର	୧୬	ବେସରକାରୀ	ସାରଦା-୩	୦.୦୩୦
	ରାଧାଗୋବିନ୍ଦପୁର	୧୭	ବେସରକାରୀ	ସାରଦା-୩	୦.୦୩୦
	ରାଧାଗୋବିନ୍ଦପୁର	୧୮	ବେସରକାରୀ	ସାରଦା-୩	୦.୦୩୦
	ରାଧାଗୋବିନ୍ଦପୁର	୧୯	ବେସରକାରୀ	ସାରଦା-୩	୦.୦୩୦
	ରାଧାଗୋବିନ୍ଦପୁର	୨୦	ବେସରକାରୀ	ସାରଦା-୩	୦.୦୩୦
	ରାଧାଗୋବିନ୍ଦପୁର	୨୧	ବେସରକାରୀ	ସାରଦା-୩	୦.୦୩୦
	ରାଧାଗୋବିନ୍ଦପୁର	୨୨	ବେସରକାରୀ	ସାରଦା-୩	୦.୦୩୦
	ରାଧାଗୋବିନ୍ଦପୁର	୨୩	ବେସରକାରୀ	ସାରଦା-୩	୦.୦୩୦
	ରାଧାଗୋବିନ୍ଦପୁର	୨୪	ବେସରକାରୀ	ସାରଦା-୩	୦.୦୩୦
	ରାଧାଗୋବିନ୍ଦପୁର	୪୨	ବେସରକାରୀ	ସାରଦା-୨	୦.୦୩୦
	ରାଧାଗୋବିନ୍ଦପୁର	୪୩	ବେସରକାରୀ	ସାରଦା-୨	୦.୦୩୦
	ରାଧାଗୋବିନ୍ଦପୁର	୪୪	ବେସରକାରୀ	ସାରଦା-୨	୦.୦୩୦
	ରାଧାଗୋବିନ୍ଦପୁର	୪୫	ବେସରକାରୀ	ସାରଦା-୨	୦.୦୬୪
	ରାଧାଗୋବିନ୍ଦପୁର	୪୬	ବେସରକାରୀ	ସାରଦା-୨	୦.୦୩୦
	ରାଧାଗୋବିନ୍ଦପୁର	୪୭	ବେସରକାରୀ	ସାରଦା-୨	୦.୦୩୦
	ରାଧାଗୋବିନ୍ଦପୁର	୪୮	ବେସରକାରୀ	ସାରଦା-୨	୦.୦୩୦
	ରାଧାଗୋବିନ୍ଦପୁର	୨୨୬	ସରକାରୀ	ଗ୍ରାମ୍ୟ ମାଫାଲ	୦.୦୩୦
	ରାଧାଗୋବିନ୍ଦପୁର	୩୧୬	ବେସରକାରୀ	ବସାରେନ-୨	୦.୦୩୦
୫.	କୁସୁପଙ୍ଗୀ	୬୬୮	ବେସରକାରୀ	ସାରଦ ଦୋପାସକ-୧	୦.୫୦୦
	କୁସୁପଙ୍ଗୀ	୬୬୯	ବେସରକାରୀ	ସାରଦ ଦୋପାସକ-୧	୦.୦୩୦
	କୁସୁପଙ୍ଗୀ	୬୭୦	ବେସରକାରୀ	ସାରଦ ଦୋପାସକ-୧	୦.୨୫୦
	କୁସୁପଙ୍ଗୀ	୬୭୧	ବେସରକାରୀ	ସାରଦ ଦୋପାସକ-୧	୦.୦୨୦
	କୁସୁପଙ୍ଗୀ	୬୭୨	ବେସରକାରୀ	ସାରଦ ଦୋପାସକ-୧	୦.୦୫୦
	କୁସୁପଙ୍ଗୀ	୬୭୩	ବେସରକାରୀ	ସାରଦ ଦୋପାସକ-୧	୦.୦୨୦
	କୁସୁପଙ୍ଗୀ	୬୭୪	ବେସରକାରୀ	ସାରଦ ଦୋପାସକ-୨	୦.୦୩୦
	କୁସୁପଙ୍ଗୀ	୬୭୫	ବେସରକାରୀ	ସାରଦ ଦୋପାସକ-୨	୦.୦୫୦
	କୁସୁପଙ୍ଗୀ	୬୭୬	ବେସରକାରୀ	ସାରଦ ଦୋପାସକ-୨	୦.୦୩୦
	କୁସୁପଙ୍ଗୀ	୬୭୭	ବେସରକାରୀ	ସାରଦ ଦୋପାସକ-୨	୦.୧୬୦
	କୁସୁପଙ୍ଗୀ	୬୭୮	ବେସରକାରୀ	ସାରଦ ଦୋପାସକ-୨	୦.୦୩୦
	କୁସୁପଙ୍ଗୀ	୬୭୯	ବେସରକାରୀ	ସାରଦ ଦୋପାସକ-୨	୦.୨୫୦
	କୁସୁପଙ୍ଗୀ	୬୮୦	ବେସରକାରୀ	ସାରଦ ଦୋପାସକ-୨	୦.୦୩୦
	କୁସୁପଙ୍ଗୀ	୬୮୧	ବେସରକାରୀ	ସାରଦ ଦୋପାସକ-୨	୦.୨୨୦
	କୁସୁପଙ୍ଗୀ	୬୮୨	ବେସରକାରୀ	ସାରଦ ଦୋପାସକ-୨	୦.୦୫୦
	କୁସୁପଙ୍ଗୀ	୬୮୩	ବେସରକାରୀ	ସାରଦ ଦୋପାସକ-୨	୦.୨୪୦
	କୁସୁପଙ୍ଗୀ	୬୮୪	ବେସରକାରୀ	ସାରଦ ଦୋପାସକ-୨	୦.୦୬୦
	କୁସୁପଙ୍ଗୀ	୬୮୫	ବେସରକାରୀ	ସାରଦ ଦୋପାସକ-୨	୦.୨୨୦
	କୁସୁପଙ୍ଗୀ	୬୮୬	ବେସରକାରୀ	ସାରଦ ଦୋପାସକ-୨	୦.୦୪୦
	କୁସୁପଙ୍ଗୀ	୬୮୭	ବେସରକାରୀ	ସାରଦ ଦୋପାସକ-୨	୦.୦୫୦
	କୁସୁପଙ୍ଗୀ	୬୮୮	ବେସରକାରୀ	ସାରଦ ଦୋପାସକ-୨	୦.୨୨୦
	କୁସୁପଙ୍ଗୀ	୭୦୦	ବେସରକାରୀ	ସାରଦ ଦୋପାସକ-୨	୦.୦୫୦
	କୁସୁପଙ୍ଗୀ	୭୦୧	ବେସରକାରୀ	ସାରଦ ଦୋପାସକ-୨	୦.୦୪୦
	କୁସୁପଙ୍ଗୀ	୭୦୨	ବେସରକାରୀ	ସାରଦ ଦୋପାସକ-୨	୦.୦୩୦
	କୁସୁପଙ୍ଗୀ	୭୦୩	ବେସରକାରୀ	ସାରଦ ଦୋପାସକ-୨	୦.୦୩୦
	କୁସୁପଙ୍ଗୀ	୭୦୪	ବେସରକାରୀ	ସାରଦ ଦୋପାସକ-୨	୦.୦୩୦
	କୁସୁପଙ୍ଗୀ	୭୦୫	ବେସରକାରୀ	ସାରଦ ଦୋପାସକ-୨	୦.୦୩୦
	କୁସୁପଙ୍ଗୀ	୭୦୬	ବେସରକାରୀ	ସାରଦ ଦୋପାସକ-୨	୦.୦୩୦
	କୁସୁପଙ୍ଗୀ	୬୬୩	ସରକାରୀ	ରାସ୍ତା	୦.୦୩୦
	କୁସୁପଙ୍ଗୀ	୬୬୩/୧୧୬୨	ବେସରକାରୀ	ସାରଦା-୧	୦.୦୩୦
	କୁସୁପଙ୍ଗୀ	୬୬୧	ବେସରକାରୀ	ସାରଦ ଦୋପାସକ-୧	୦.୦୩୦
	କୁସୁପଙ୍ଗୀ	୬୬୨/୧୧୬୩	ସରକାରୀ	ଗ୍ରାମ୍ୟ ମାଫାଲ	୦.୦୩୦
	କୁସୁପଙ୍ଗୀ	୬୬୩	ବେସରକାରୀ	ସାରଦା-୨	୦.୦୩୦
	କୁସୁପଙ୍ଗୀ	୬୬୪	ବେସରକାରୀ	ସାରଦ ଦୋପାସକ-୨	୦.୨୩୦
	କୁସୁପଙ୍ଗୀ	୬୬୫	ବେସରକାରୀ	ସାରଦ ଦୋପାସକ-୨	୦.୦୩୦
	କୁସୁପଙ୍ଗୀ	୬୬୬	ବେସରକାରୀ	ସାରଦ ଦୋପାସକ-୨	୦.୨୫୦
	କୁସୁପଙ୍ଗୀ	୬୬୭	ବେସରକାରୀ	ସାରଦ ଦୋପାସକ-୨	୦.୦୩୦
	କୁସୁପଙ୍ଗୀ	୬୬୮	ବେସରକାରୀ	ସାରଦ ଦୋପାସକ-୨	୦.୦୩୦
	କୁସୁପଙ୍ଗୀ	୬୬୯	ବେସରକାରୀ	ସାରଦ ଦୋପାସକ-୨	୦.୦୩୦
	କୁସୁପଙ୍ଗୀ	୬୭୦	ବେସରକାରୀ	ସାରଦ ଦୋପାସକ-୨	୦.୦୩୦
	କୁସୁପଙ୍ଗୀ	୬୭୧	ବେସରକାରୀ	ସାରଦ ଦୋପାସକ-୨	୦.୦୩୦
	କୁସୁପଙ୍ଗୀ	୬୭୨	ବେସରକାରୀ	ସାରଦ ଦୋପାସକ-୨	୦.୦୩୦
	କୁସୁପଙ୍ଗୀ	୬୭୩	ସରକାରୀ	ପ୍ରାଚୀ ନାଳ	୦.୦୩୦
	କୁସୁପଙ୍ଗୀ	୬୭୪	ବେସରକାରୀ	ସାରଦ ଦୋପାସକ-୨	୦.୦୩୦
	କୁସୁପଙ୍ଗୀ	୬୭୫	ବେସରକାରୀ	ସାରଦ ଦୋପାସକ-୨	୦.୦୩୦
	କୁସୁପଙ୍ଗୀ	୬୭୬	ବେସରକାରୀ	ସାରଦ ଦୋପାସକ-୨	୦.୦୩୦
	କୁସୁପଙ୍ଗୀ	୧୦୬୪	ସରକାରୀ	ପତିତ	୨.୫୬୦
	କୁସୁପଙ୍ଗୀ	୧୦୬୫	ସରକାରୀ	ପତିତ	୩.୫୧୦
	କୁସୁପଙ୍ଗୀ	୧୦୬୬	ବେସରକାରୀ	ଖେଡ୍ରା	୦.୦୩୦
	କୁସୁପଙ୍ଗୀ	୧୦୬୭	ସରକାରୀ	ପ୍ରଚୁ ଜଙ୍ଗଲ	୦.୦୪୦
	କୁସୁପଙ୍ଗୀ	୧୦୬୮	ସରକାରୀ	ଗଗନକେଦାରି	୦.୦୩୦
	କୁସୁପଙ୍ଗୀ	୧୦୬୯	ସରକାରୀ	ସଡ଼କ	୦.୦୩୦
	କୁସୁପଙ୍ଗୀ	୧୦୭୦	ସରକାରୀ	ଗଗନକେଦାରି	୦.୦୩୦
	କୁସୁପଙ୍ଗୀ	୧୦୭୧	ବେସରକାରୀ	ଖେଡ୍ରା	୦.୬୫୦
	କୁସୁପଙ୍ଗୀ	୧୦୭୨/୧୧୬୪	ସରକାରୀ	ପ୍ରଭାବର ପତିତ	୦.୫୫୦
	କୁସୁପଙ୍ଗୀ	୧୦୭୩/୧୧୬୫	ସରକାରୀ	ପ୍ରଚୁ ଜଙ୍ଗଲ	୦.୨୫୦
	କୁସୁପଙ୍ଗୀ	୧୦୭୪	ସରକାରୀ	ପ୍ରଭାବରୀ	୦.୦୩୦
	କୁସୁପଙ୍ଗୀ	୯୦୦	ସରକାରୀ	ଗ୍ରାମ୍ୟ ମାଫାଲ	୦.୦୩୦
	କୁସୁପଙ୍ଗୀ	୯୦୧	ସରକାରୀ	ଗୋଡ଼ା-୨	୦.୦୫୦
	କୁସୁପଙ୍ଗୀ	୯୦୨	ସରକାରୀ	ବିଗାଡ଼ାରୀ	୦.୦୩୦
	କୁସୁପଙ୍ଗୀ	୯୦୩	ସରକାରୀ	ପ୍ରଭାବରୀ	୦.୦୩୦
	କୁସୁପଙ୍ଗୀ	୯୦୪	ସରକାରୀ	ରାସ୍ତା	୦.୦୩୦
	କୁସୁପଙ୍ଗୀ	୯୦୫	ସରକାରୀ	ଗଡ଼	୦.୨୨୦
	କୁସୁପଙ୍ଗୀ	୯୦୬	ସରକାରୀ	ବାଲି	୦.୦୩୦
	କୁସୁପଙ୍ଗୀ	୯୦୭	ସରକାରୀ	ପ୍ରଭାବରୀ	୦.୦୩୦
	କୁସୁପଙ୍ଗୀ	୯୦୮	ବେସରକାରୀ	ବାଲି	୦.୦୩୦
	କୁସୁପଙ୍ଗୀ	୧୦୭୫	ସରକାରୀ	ଖେଡ୍ରା	୦.୦୩୦
	କୁସୁପଙ୍ଗୀ	୧୦୭୬	ସରକାରୀ	ଗଗନକେଦାରି	୦.୦୩୦
	କୁସୁପଙ୍ଗୀ	୧୦୭୭	ସରକାରୀ	ପ୍ରଭାବରୀ	୦.୦୩୦
	କୁସୁପଙ୍ଗୀ	୧୦୭୮	ସରକାରୀ	ପତିତ	୦.୦୩୦
	କୁସୁପଙ୍ଗୀ	୧୦୭୯	ସରକାରୀ	ବାଲି	୦.୦୩୦
	କୁସୁପଙ୍ଗୀ	୧୦୮୦	ବେସରକାରୀ	ବାଲି	୦.୦୩୦
	କୁସୁପଙ୍ଗୀ	୧୦୮୧	ବେସରକାରୀ	ପ୍ରଭାବରୀ	୦.୦୩୦
	କୁସୁପଙ୍ଗୀ	୧୦୮୨	ବେସରକାରୀ	ଗଡ଼	୦.୦୩୦
	କୁସୁପଙ୍ଗୀ	୧୦୮୩	ବେସରକାରୀ	ବାଲି	୦.୦୩୦
	କୁସୁପଙ୍ଗୀ	୧୦୮୪	ସରକାରୀ	ପ୍ରଭାବରୀ	୦.୦୩୦
	କୁସୁପଙ୍ଗୀ	୧୦୮୫	ସରକାରୀ	ବାଲି	୦.୦୩୦
	କୁସୁପଙ୍ଗୀ	୧୦୮୬	ବେସରକାରୀ	ବାଲି	୦.୦୩୦
	କୁସୁପଙ୍ଗୀ	୧୦୮୭	ସରକାରୀ	ବିଗାଡ଼ାରୀ	୦.୦୩୦
	କୁସୁପଙ୍ଗୀ	୯୮୮	ବେସରକାରୀ	ସାରଦ ଦୋପାସକ-୧	୦.୦୫୦
୬.	ଉଦେଇଲ	୧୧୬୨	ସରକାରୀ	ଶାଳି ଜଙ୍ଗଲ	୩.୨୦୦
	ଉଦେଇଲ	୧୧୬୩	ବେସରକାରୀ	ସାରଦା-୨	୦.୦୩୦
	ଉଦେଇଲ	୧୧୬୪	ବେସରକାରୀ	ସାରଦା-୩	୦.୦୫୦
	ଉଦେଇଲ	୧୧୬୫	ବେସରକାରୀ	ସାରଦା-୩	୦.୦୩୦
	ଉଦେଇଲ	୧୧୬୬	ସରକାରୀ	ଗ୍ରାମ୍ୟ ମାଫାଲ	୦.୦୩୦
	ଉଦେଇଲ	୧୧୬୭	ବେସରକାରୀ	ସାରଦା-୨	୦.୦୫୦
	ଉଦେଇଲ	୧୧୬୮	ବେସରକାରୀ	ସାରଦା-୩	୦.୦୩୦
	ଉଦେଇଲ	୧୧୬୯	ବେସରକାରୀ	ସାରଦା-୩	୦.୦୩୦
	ଉଦେଇଲ	୧୧୭୦	ବେସରକାରୀ	ସାରଦା-୩	୦.୦୩୦
	ଉଦେଇଲ	୧୧୭୧	ବେସରକାରୀ	ସାରଦା-୩	୦.୦୩୦
	ଉଦେଇଲ	୧୧୭୨	ବେସରକାରୀ	ସାରଦା-୩	୦.୦୩୦
	ଉଦେଇଲ	୧୧୬୬	ବେସରକାରୀ	ସାରଦା-୩	୦.୦୩୦
See next Page
